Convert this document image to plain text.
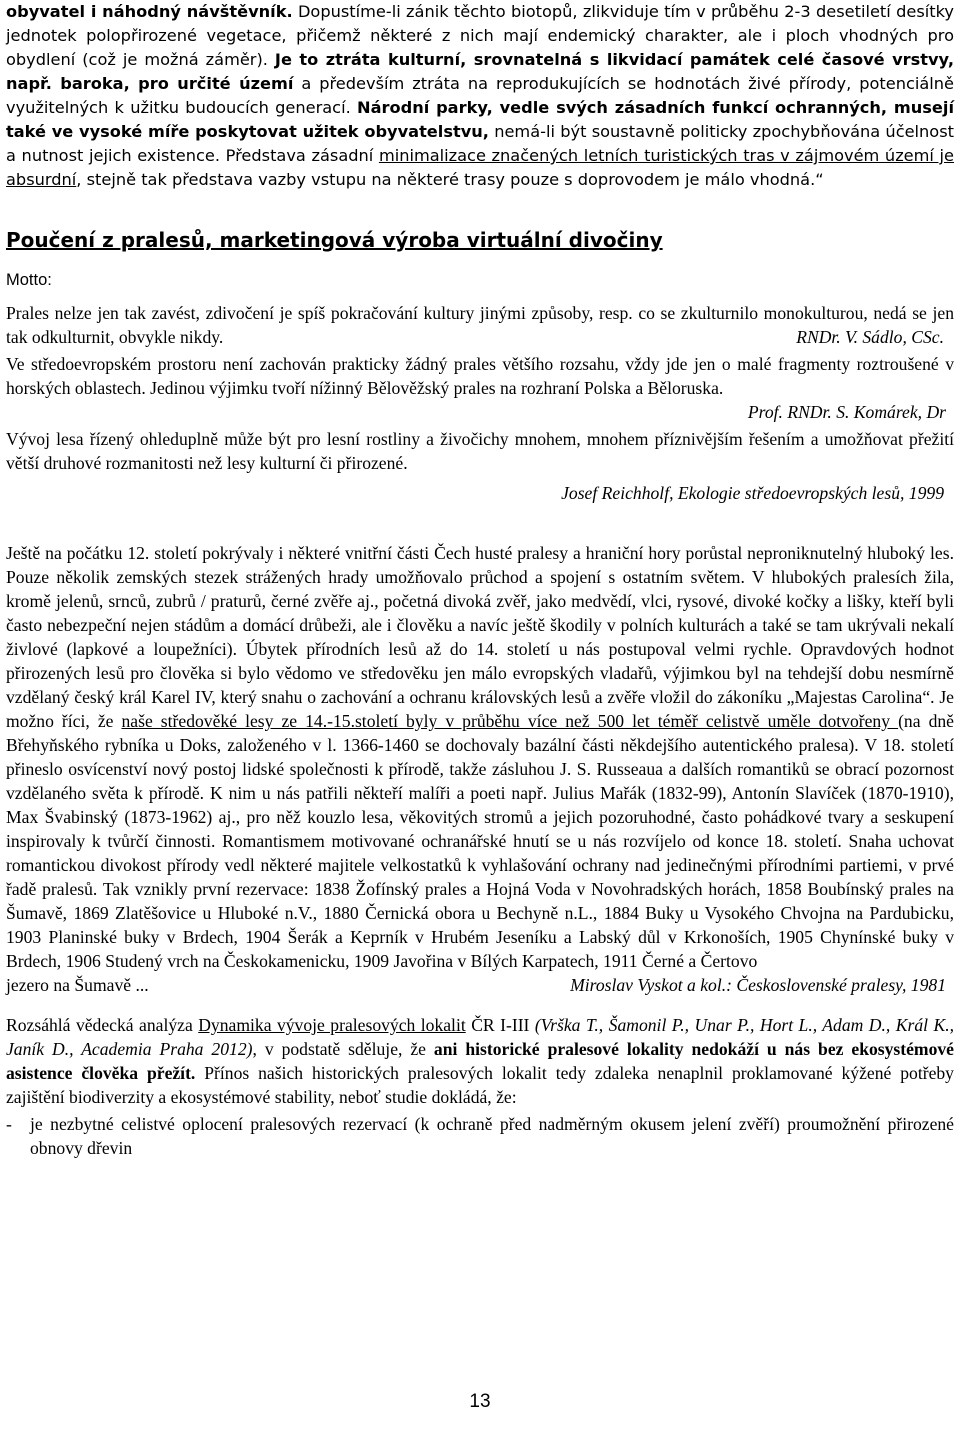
obyvatel i náhodný návštěvník. Dopustíme-li zánik těchto biotopů, zlikviduje tím v průběhu 2-3 desetiletí desítky jednotek polopřirozené vegetace, přičemž některé z nich mají endemický charakter, ale i ploch vhodných pro obydlení (což je možná záměr). Je to ztráta kulturní, srovnatelná s likvidací památek celé časové vrstvy, např. baroka, pro určité území a především ztráta na reprodukujících se hodnotách živé přírody, potenciálně využitelných k užitku budoucích generací. Národní parky, vedle svých zásadních funkcí ochranných, musejí také ve vysoké míře poskytovat užitek obyvatelstvu, nemá-li být soustavně politicky zpochybňována účelnost a nutnost jejich existence. Představa zásadní minimalizace značených letních turistických tras v zájmovém území je absurdní, stejně tak představa vazby vstupu na některé trasy pouze s doprovodem je málo vhodná.“

Poučení z pralesů, marketingová výroba virtuální divočiny
Motto:

Prales nelze jen tak zavést, zdivočení je spíš pokračování kultury jinými způsoby, resp. co se zkulturnilo monokulturou, nedá se jen tak odkulturnit, obvykle nikdy.	RNDr. V. Sádlo, CSc.

Ve středoevropském prostoru není zachován prakticky žádný prales většího rozsahu, vždy jde jen o malé fragmenty roztroušené v horských oblastech. Jedinou výjimku tvoří nížinný Bělověžský prales na rozhraní Polska a Běloruska.

Prof. RNDr. S. Komárek, Dr

Vývoj lesa řízený ohleduplně může být pro lesní rostliny a živočichy mnohem, mnohem příznivějším řešením a umožňovat přežití větší druhové rozmanitosti než lesy kulturní či přirozené.

Josef Reichholf, Ekologie středoevropských lesů, 1999

Ještě na počátku 12. století pokrývaly i některé vnitřní části Čech husté pralesy a hraniční hory porůstal neproniknutelný hluboký les. Pouze několik zemských stezek strážených hrady umožňovalo průchod a spojení s ostatním světem. V hlubokých pralesích žila, kromě jelenů, srnců, zubrů / praturů, černé zvěře aj., početná divoká zvěř, jako medvědí, vlci, rysové, divoké kočky a lišky, kteří byli často nebezpeční nejen stádům a domácí drůbeži, ale i člověku a navíc ještě škodily v polních kulturách a také se tam ukrývali nekalí živlové (lapkové a loupežníci). Úbytek přírodních lesů až do 14. století u nás postupoval velmi rychle. Opravdových hodnot přirozených lesů pro člověka si bylo vědomo ve středověku jen málo evropských vladařů, výjimkou byl na tehdejší dobu nesmírně vzdělaný český král Karel IV, který snahu o zachování a ochranu královských lesů a zvěře vložil do zákoníku „Majestas Carolina“. Je možno říci, že naše středověké lesy ze 14.-15.století byly v průběhu více než 500 let téměř celistvě uměle dotvořeny (na dně Břehyňského rybníka u Doks, založeného v l. 1366-1460 se dochovaly bazální části někdejšího autentického pralesa). V 18. století přineslo osvícenství nový postoj lidské společnosti k přírodě, takže zásluhou J. S. Russeaua a dalších romantiků se obrací pozornost vzdělaného světa k přírodě. K nim u nás patřili někteří malíři a poeti např. Julius Mařák (1832-99), Antonín Slavíček (1870-1910), Max Švabinský (1873-1962) aj., pro něž kouzlo lesa, věkovitých stromů a jejich pozoruhodné, často pohádkové tvary a seskupení inspirovaly k tvůrčí činnosti. Romantismem motivované ochranářské hnutí se u nás rozvíjelo od konce 18. století. Snaha uchovat romantickou divokost přírody vedl některé majitele velkostatků k vyhlašování ochrany nad jedinečnými přírodními partiemi, v prvé řadě pralesů. Tak vznikly první rezervace: 1838 Žofínský prales a Hojná Voda v Novohradských horách, 1858 Boubínský prales na Šumavě, 1869 Zlatěšovice u Hluboké n.V., 1880 Černická obora u Bechyně n.L., 1884 Buky u Vysokého Chvojna na Pardubicku, 1903 Planinské buky v Brdech, 1904 Šerák a Keprník v Hrubém Jeseníku a Labský důl v Krkonoších, 1905 Chynínské buky v Brdech, 1906 Studený vrch na Českokamenicku, 1909 Javořina v Bílých Karpatech, 1911 Černé a Čertovo

jezero na Šumavě ...	Miroslav Vyskot a kol.: Československé pralesy, 1981

Rozsáhlá vědecká analýza Dynamika vývoje pralesových lokalit ČR I-III (Vrška T., Šamonil P., Unar P., Hort L., Adam D., Král K., Janík D., Academia Praha 2012), v podstatě sděluje, že ani historické pralesové lokality nedokáží u nás bez ekosystémové asistence člověka přežít. Přínos našich historických pralesových lokalit tedy zdaleka nenaplnil proklamované kýžené potřeby zajištění biodiverzity a ekosystémové stability, neboť studie dokládá, že:

-	je nezbytné celistvé oplocení pralesových rezervací (k ochraně před nadměrným okusem jelení zvěří) proumožnění přirozené obnovy dřevin
13
